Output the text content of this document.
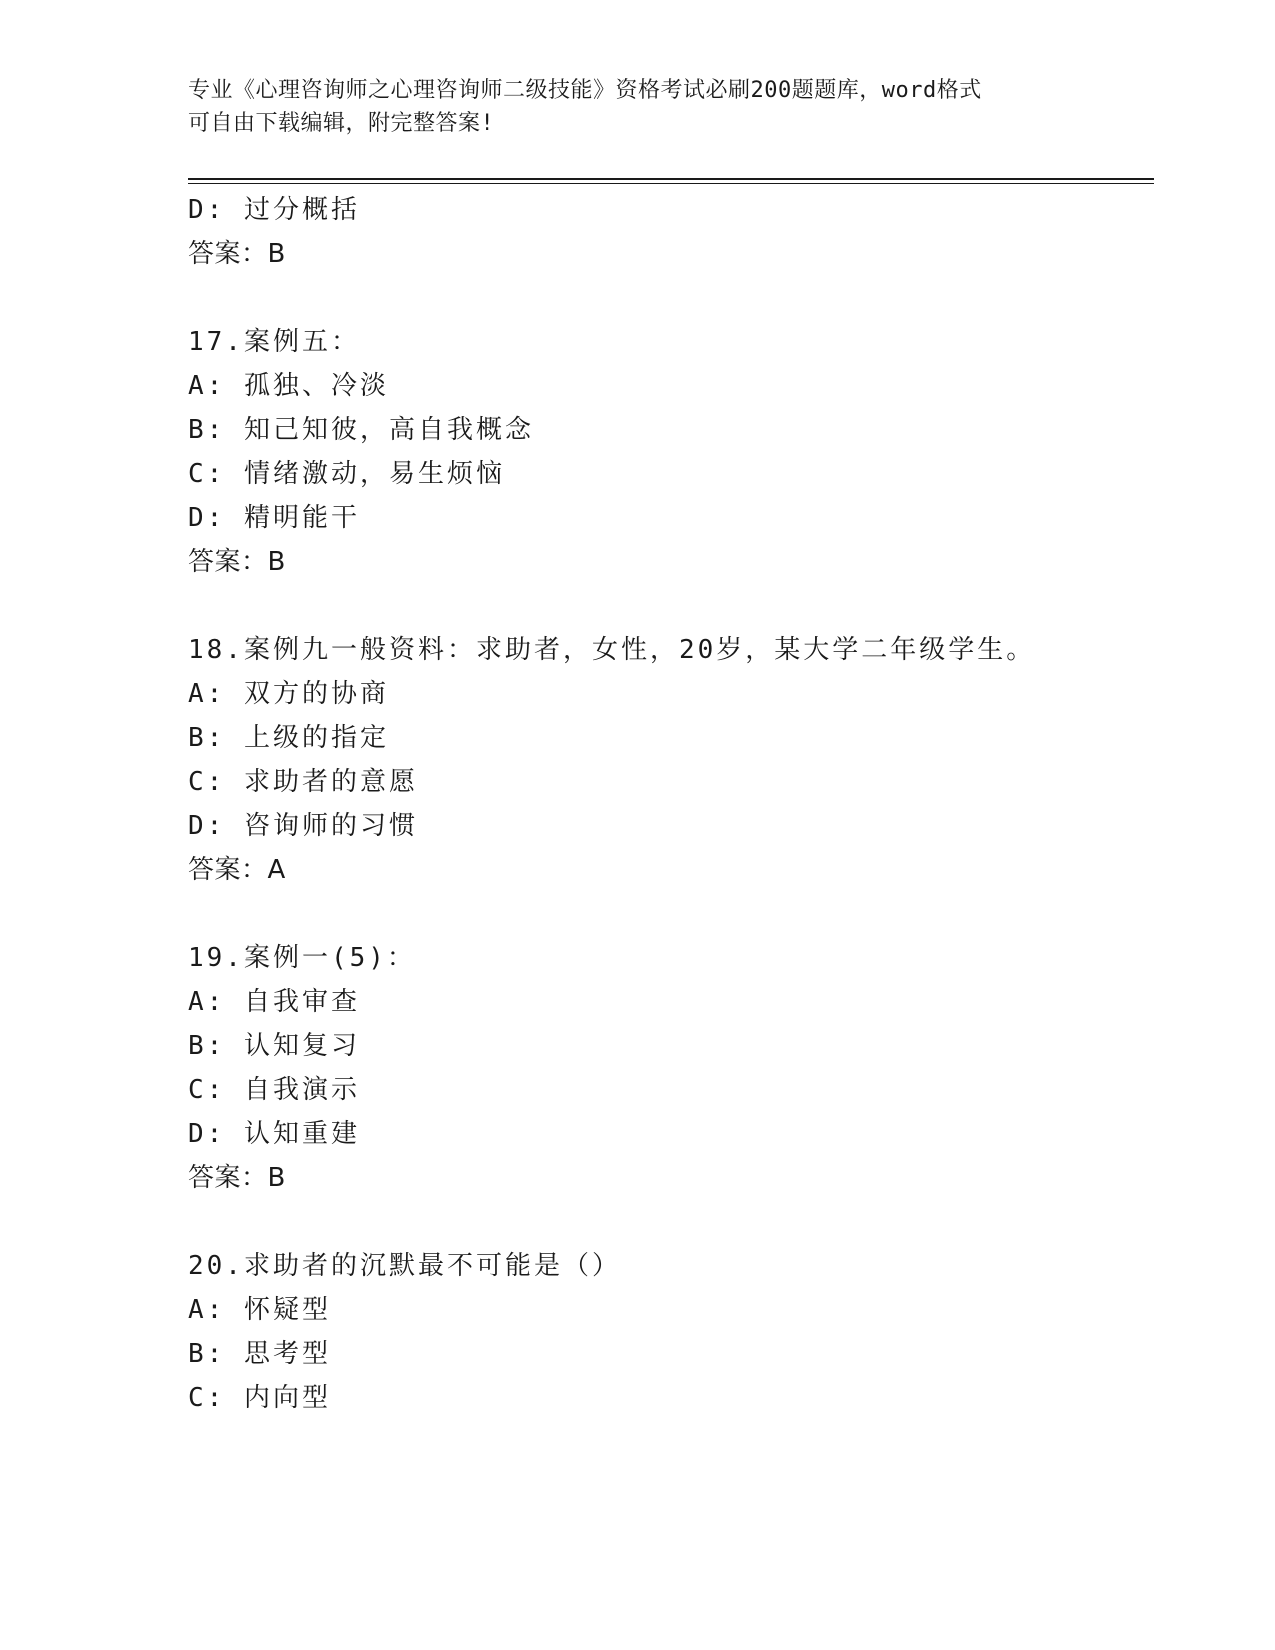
专业《心理咨询师之心理咨询师二级技能》资格考试必刷200题题库，word格式
可自由下载编辑，附完整答案!
D: 过分概括
答案：B
17.案例五：
A: 孤独、冷淡
B: 知己知彼，高自我概念
C: 情绪激动，易生烦恼
D: 精明能干
答案：B
18.案例九一般资料：求助者，女性，20岁，某大学二年级学生。
A: 双方的协商
B: 上级的指定
C: 求助者的意愿
D: 咨询师的习惯
答案：A
19.案例一(5)：
A: 自我审查
B: 认知复习
C: 自我演示
D: 认知重建
答案：B
20.求助者的沉默最不可能是（）
A: 怀疑型
B: 思考型
C: 内向型
